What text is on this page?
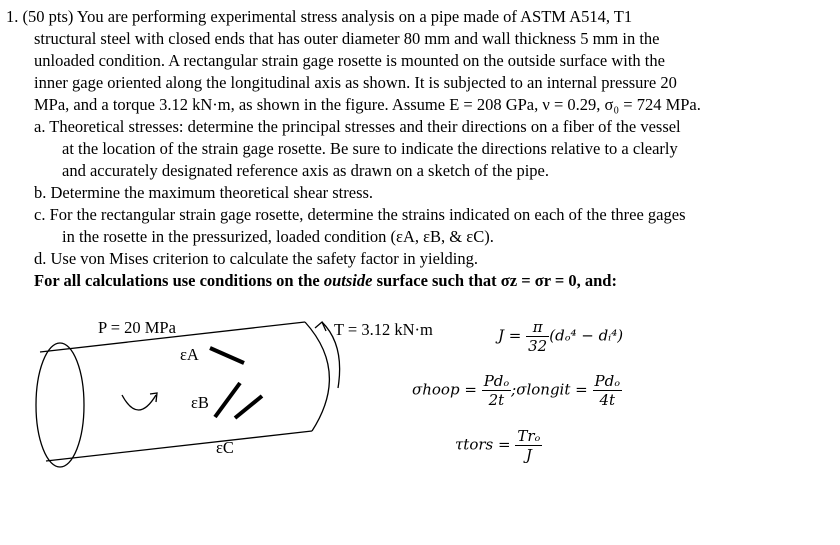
1. (50 pts) You are performing experimental stress analysis on a pipe made of ASTM A514, T1
structural steel with closed ends that has outer diameter 80 mm and wall thickness 5 mm in the
unloaded condition. A rectangular strain gage rosette is mounted on the outside surface with the
inner gage oriented along the longitudinal axis as shown. It is subjected to an internal pressure 20
MPa, and a torque 3.12 kN·m, as shown in the figure. Assume E = 208 GPa, ν = 0.29, σ₀ = 724 MPa.
a. Theoretical stresses: determine the principal stresses and their directions on a fiber of the vessel
at the location of the strain gage rosette. Be sure to indicate the directions relative to a clearly
and accurately designated reference axis as drawn on a sketch of the pipe.
b. Determine the maximum theoretical shear stress.
c. For the rectangular strain gage rosette, determine the strains indicated on each of the three gages
in the rosette in the pressurized, loaded condition (εA, εB, & εC).
d. Use von Mises criterion to calculate the safety factor in yielding.
For all calculations use conditions on the outside surface such that σz = σr = 0, and:
P = 20 MPa	T = 3.12 kN·m
εA
εB
εC
$J = \frac{\pi}{32} (d_o^4$ − dᵢ⁴)
σhoop = $\frac{\text{Pdₒ}}{2t}$ ;σlongit = $\frac{\text{Pdₒ}}{4t}$
τtors = $\frac{\text{Trₒ}}{J}$
